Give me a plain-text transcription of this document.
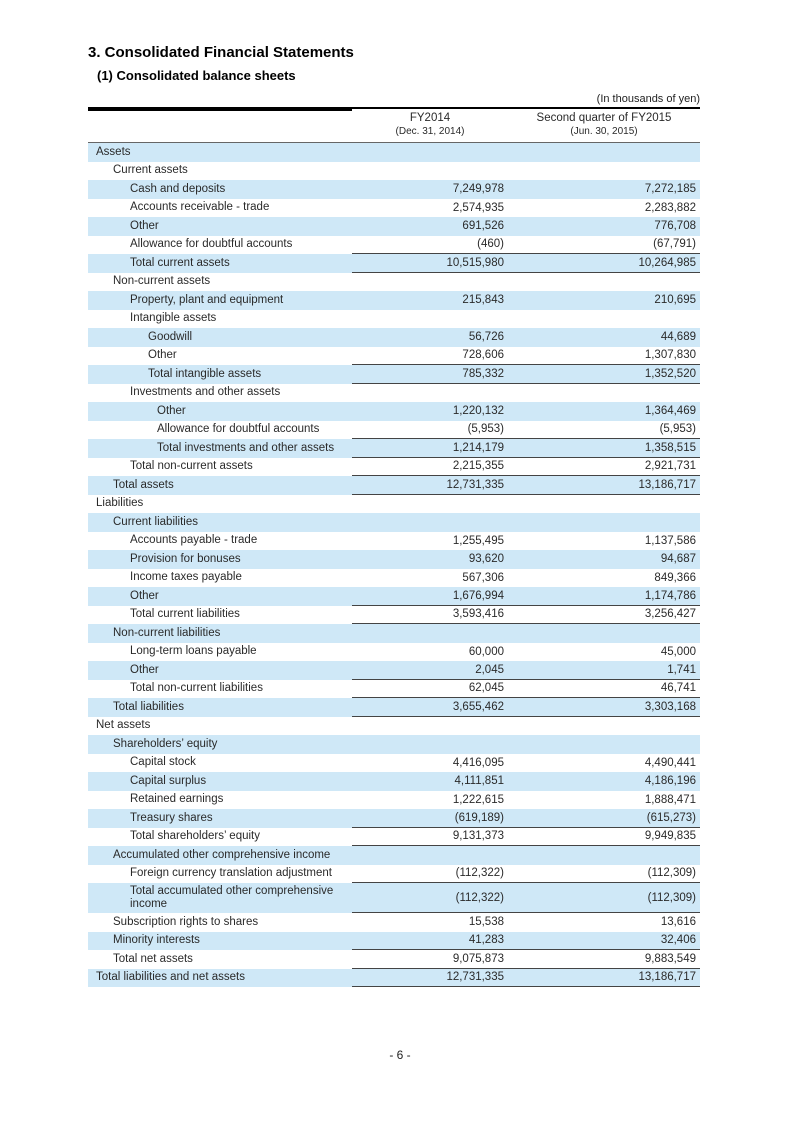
3. Consolidated Financial Statements
(1) Consolidated balance sheets
(In thousands of yen)
FY2014
(Dec. 31, 2014)
Second quarter of FY2015
(Jun. 30, 2015)
Assets
Current assets
Cash and deposits	7,249,978	7,272,185
Accounts receivable - trade	2,574,935	2,283,882
Other	691,526	776,708
Allowance for doubtful accounts	(460)	(67,791)
Total current assets	10,515,980	10,264,985
Non-current assets
Property, plant and equipment	215,843	210,695
Intangible assets
Goodwill	56,726	44,689
Other	728,606	1,307,830
Total intangible assets	785,332	1,352,520
Investments and other assets
Other	1,220,132	1,364,469
Allowance for doubtful accounts	(5,953)	(5,953)
Total investments and other assets	1,214,179	1,358,515
Total non-current assets	2,215,355	2,921,731
Total assets	12,731,335	13,186,717
Liabilities
Current liabilities
Accounts payable - trade	1,255,495	1,137,586
Provision for bonuses	93,620	94,687
Income taxes payable	567,306	849,366
Other	1,676,994	1,174,786
Total current liabilities	3,593,416	3,256,427
Non-current liabilities
Long-term loans payable	60,000	45,000
Other	2,045	1,741
Total non-current liabilities	62,045	46,741
Total liabilities	3,655,462	3,303,168
Net assets
Shareholders’ equity
Capital stock	4,416,095	4,490,441
Capital surplus	4,111,851	4,186,196
Retained earnings	1,222,615	1,888,471
Treasury shares	(619,189)	(615,273)
Total shareholders’ equity	9,131,373	9,949,835
Accumulated other comprehensive income
Foreign currency translation adjustment	(112,322)	(112,309)
Total accumulated other comprehensive income
(112,322)	(112,309)
Subscription rights to shares	15,538	13,616
Minority interests	41,283	32,406
Total net assets	9,075,873	9,883,549
Total liabilities and net assets	12,731,335	13,186,717
- 6 -
